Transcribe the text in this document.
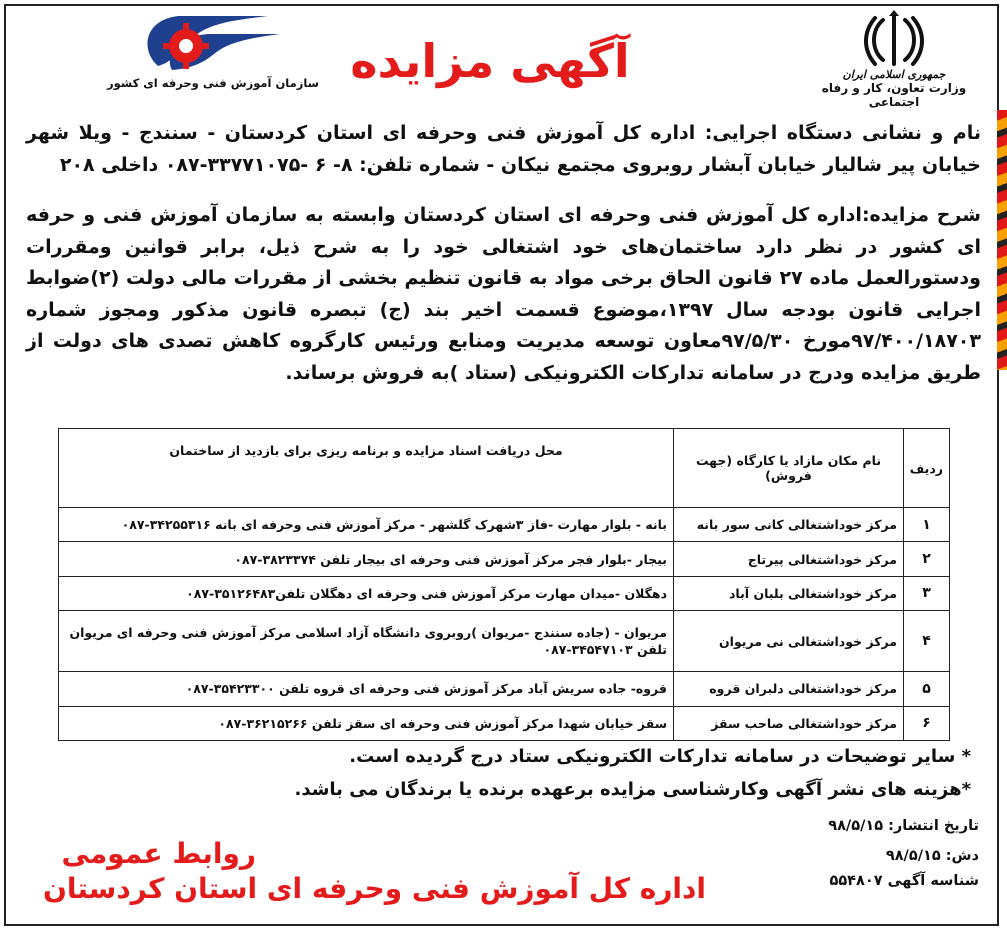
جمهوری اسلامی ایران
وزارت تعاون، کار و رفاه اجتماعی
آگهی مزایده
سازمان آموزش فنی وحرفه ای کشور
نام و نشانی دستگاه اجرایی: اداره کل آموزش فنی وحرفه ای استان کردستان - سنندج - ویلا شهر خیابان پیر شالیار خیابان آبشار روبروی مجتمع نیکان - شماره تلفن: ۸- ۶ -۳۳۷۷۱۰۷۵-۰۸۷ داخلی ۲۰۸
شرح مزایده:اداره کل آموزش فنی وحرفه ای استان کردستان وابسته به سازمان آموزش فنی و حرفه ای کشور در نظر دارد ساختمان‌های خود اشتغالی خود را به شرح ذیل، برابر قوانین ومقررات ودستورالعمل ماده ۲۷ قانون الحاق برخی مواد به قانون تنظیم بخشی از مقررات مالی دولت (۲)ضوابط اجرایی قانون بودجه سال ۱۳۹۷،موضوع قسمت اخیر بند (ج) تبصره قانون مذکور ومجوز شماره ۹۷/۴۰۰/۱۸۷۰۳مورخ ۹۷/۵/۳۰معاون توسعه مدیریت ومنابع ورئیس کارگروه کاهش تصدی های دولت از طریق مزایده ودرج در سامانه تدارکات الکترونیکی (ستاد )به فروش برساند.
ردیف	نام مکان مازاد یا کارگاه (جهت فروش)	محل دریافت اسناد مزایده و برنامه ریزی برای بازدید از ساختمان
۱	مرکز خوداشتغالی کانی سور بانه	بانه - بلوار مهارت -فاز ۳شهرک گلشهر - مرکز آموزش فنی وحرفه ای بانه ۳۴۲۵۵۳۱۶-۰۸۷
۲	مرکز خوداشتغالی پیرتاج	بیجار -بلوار فجر مرکز آموزش فنی وحرفه ای بیجار تلفن ۳۸۲۳۳۷۴-۰۸۷
۳	مرکز خوداشتغالی بلبان آباد	دهگلان -میدان مهارت مرکز آموزش فنی وحرفه ای دهگلان تلفن۳۵۱۲۶۴۸۳-۰۸۷
۴	مرکز خوداشتغالی نی مریوان	مریوان - (جاده سنندج -مریوان )روبروی دانشگاه آزاد اسلامی مرکز آموزش فنی وحرفه ای مریوان تلفن ۳۴۵۴۷۱۰۳-۰۸۷
۵	مرکز خوداشتغالی دلبران قروه	قروه- جاده سریش آباد مرکز آموزش فنی وحرفه ای قروه تلفن ۳۵۴۲۳۳۰۰-۰۸۷
۶	مرکز خوداشتغالی صاحب سقز	سقز خیابان شهدا مرکز آموزش فنی وحرفه ای سقز تلفن ۳۶۲۱۵۲۶۶-۰۸۷
* سایر توضیحات در سامانه تدارکات الکترونیکی ستاد درج گردیده است.
*هزینه های نشر آگهی وکارشناسی مزایده برعهده برنده یا برندگان می باشد.
تاریخ انتشار: ۹۸/۵/۱۵
دش: ۹۸/۵/۱۵
شناسه آگهی ۵۵۴۸۰۷
روابط عمومی
اداره کل آموزش فنی وحرفه ای استان کردستان
